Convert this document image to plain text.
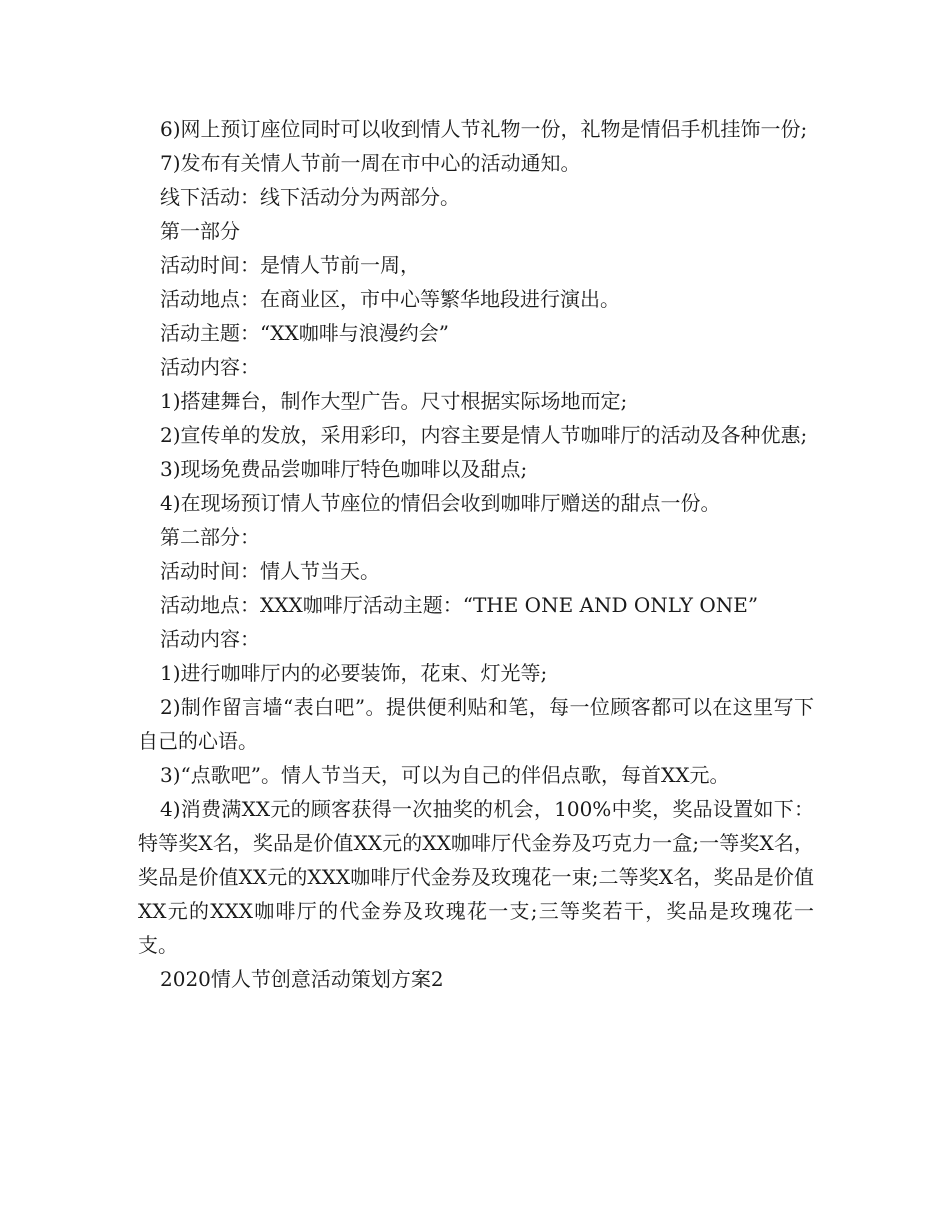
6)网上预订座位同时可以收到情人节礼物一份，礼物是情侣手机挂饰一份;

7)发布有关情人节前一周在市中心的活动通知。

线下活动：线下活动分为两部分。

第一部分

活动时间：是情人节前一周，

活动地点：在商业区，市中心等繁华地段进行演出。

活动主题：“XX咖啡与浪漫约会”

活动内容：

1)搭建舞台，制作大型广告。尺寸根据实际场地而定;

2)宣传单的发放，采用彩印，内容主要是情人节咖啡厅的活动及各种优惠;

3)现场免费品尝咖啡厅特色咖啡以及甜点;

4)在现场预订情人节座位的情侣会收到咖啡厅赠送的甜点一份。

第二部分：

活动时间：情人节当天。

活动地点：XXX咖啡厅活动主题：“THE ONE AND ONLY ONE”

活动内容：

1)进行咖啡厅内的必要装饰，花束、灯光等;

2)制作留言墙“表白吧”。提供便利贴和笔，每一位顾客都可以在这里写下自己的心语。

3)“点歌吧”。情人节当天，可以为自己的伴侣点歌，每首XX元。

4)消费满XX元的顾客获得一次抽奖的机会，100%中奖，奖品设置如下：特等奖X名，奖品是价值XX元的XX咖啡厅代金券及巧克力一盒;一等奖X名，奖品是价值XX元的XXX咖啡厅代金券及玫瑰花一束;二等奖X名，奖品是价值XX元的XXX咖啡厅的代金券及玫瑰花一支;三等奖若干，奖品是玫瑰花一支。

2020情人节创意活动策划方案2
